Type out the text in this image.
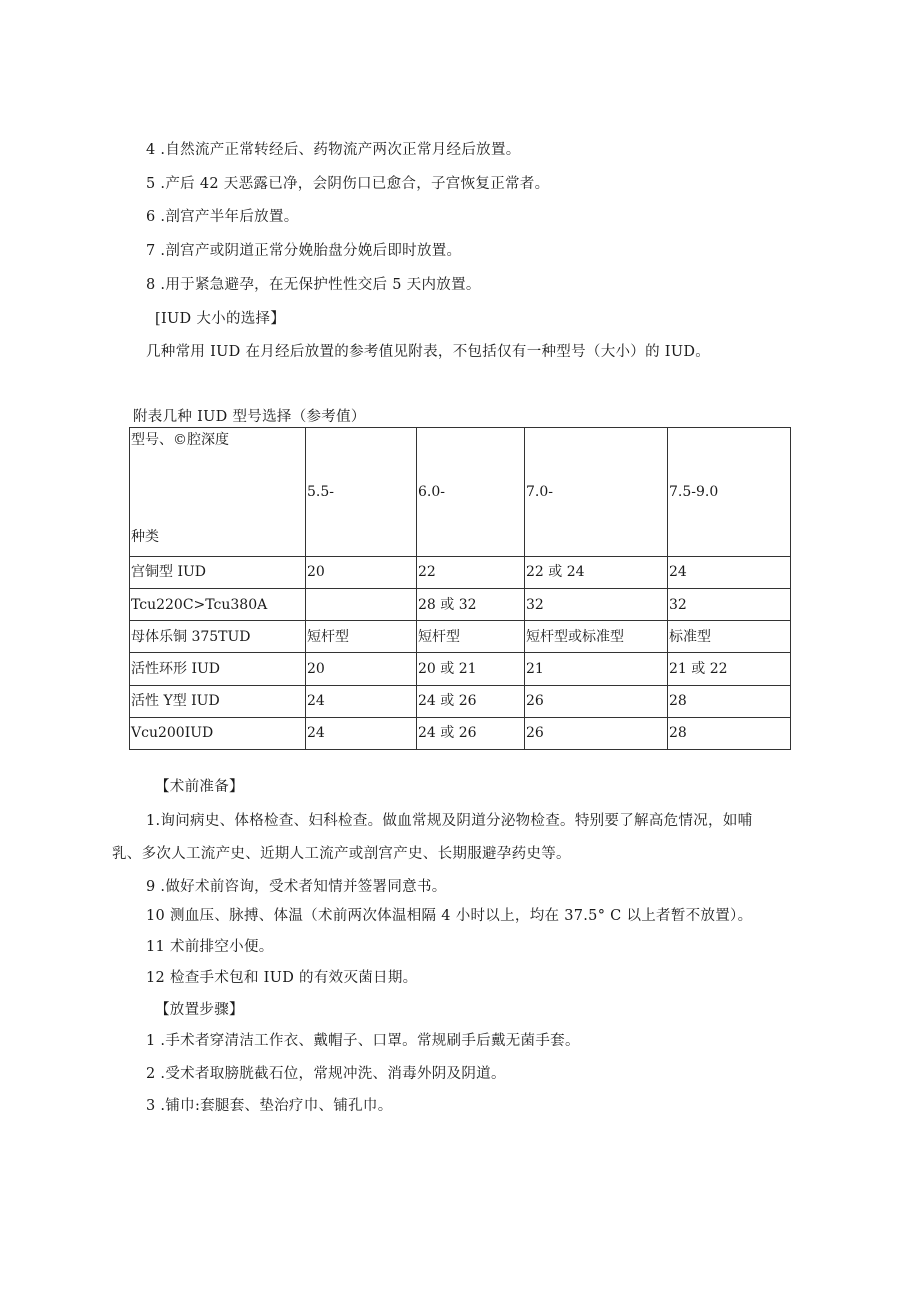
4 .自然流产正常转经后、药物流产两次正常月经后放置。
5 .产后 42 天恶露已净，会阴伤口已愈合，子宫恢复正常者。
6 .剖宫产半年后放置。
7 .剖宫产或阴道正常分娩胎盘分娩后即时放置。
8 .用于紧急避孕，在无保护性性交后 5 天内放置。
[IUD 大小的选择】
几种常用 IUD 在月经后放置的参考值见附表，不包括仅有一种型号（大小）的 IUD。
附表几种 IUD 型号选择（参考值）
型号、©腔深度
种类	5.5-	6.0-	7.0-	7.5-9.0
宫铜型 IUD	20	22	22 或 24	24
Tcu220C>Tcu380A		28 或 32	32	32
母体乐铜 375TUD	短杆型	短杆型	短杆型或标准型	标准型
活性环形 IUD	20	20 或 21	21	21 或 22
活性 Y型 IUD	24	24 或 26	26	28
Vcu200IUD	24	24 或 26	26	28
【术前准备】
1.询问病史、体格检查、妇科检查。做血常规及阴道分泌物检查。特别要了解高危情况，如哺
乳、多次人工流产史、近期人工流产或剖宫产史、长期服避孕药史等。
9 .做好术前咨询，受术者知情并签署同意书。
10 测血压、脉搏、体温（术前两次体温相隔 4 小时以上，均在 37.5° C 以上者暂不放置）。
11 术前排空小便。
12 检查手术包和 IUD 的有效灭菌日期。
【放置步骤】
1 .手术者穿清洁工作衣、戴帽子、口罩。常规刷手后戴无菌手套。
2 .受术者取膀胱截石位，常规冲洗、消毒外阴及阴道。
3 .铺巾:套腿套、垫治疗巾、铺孔巾。
